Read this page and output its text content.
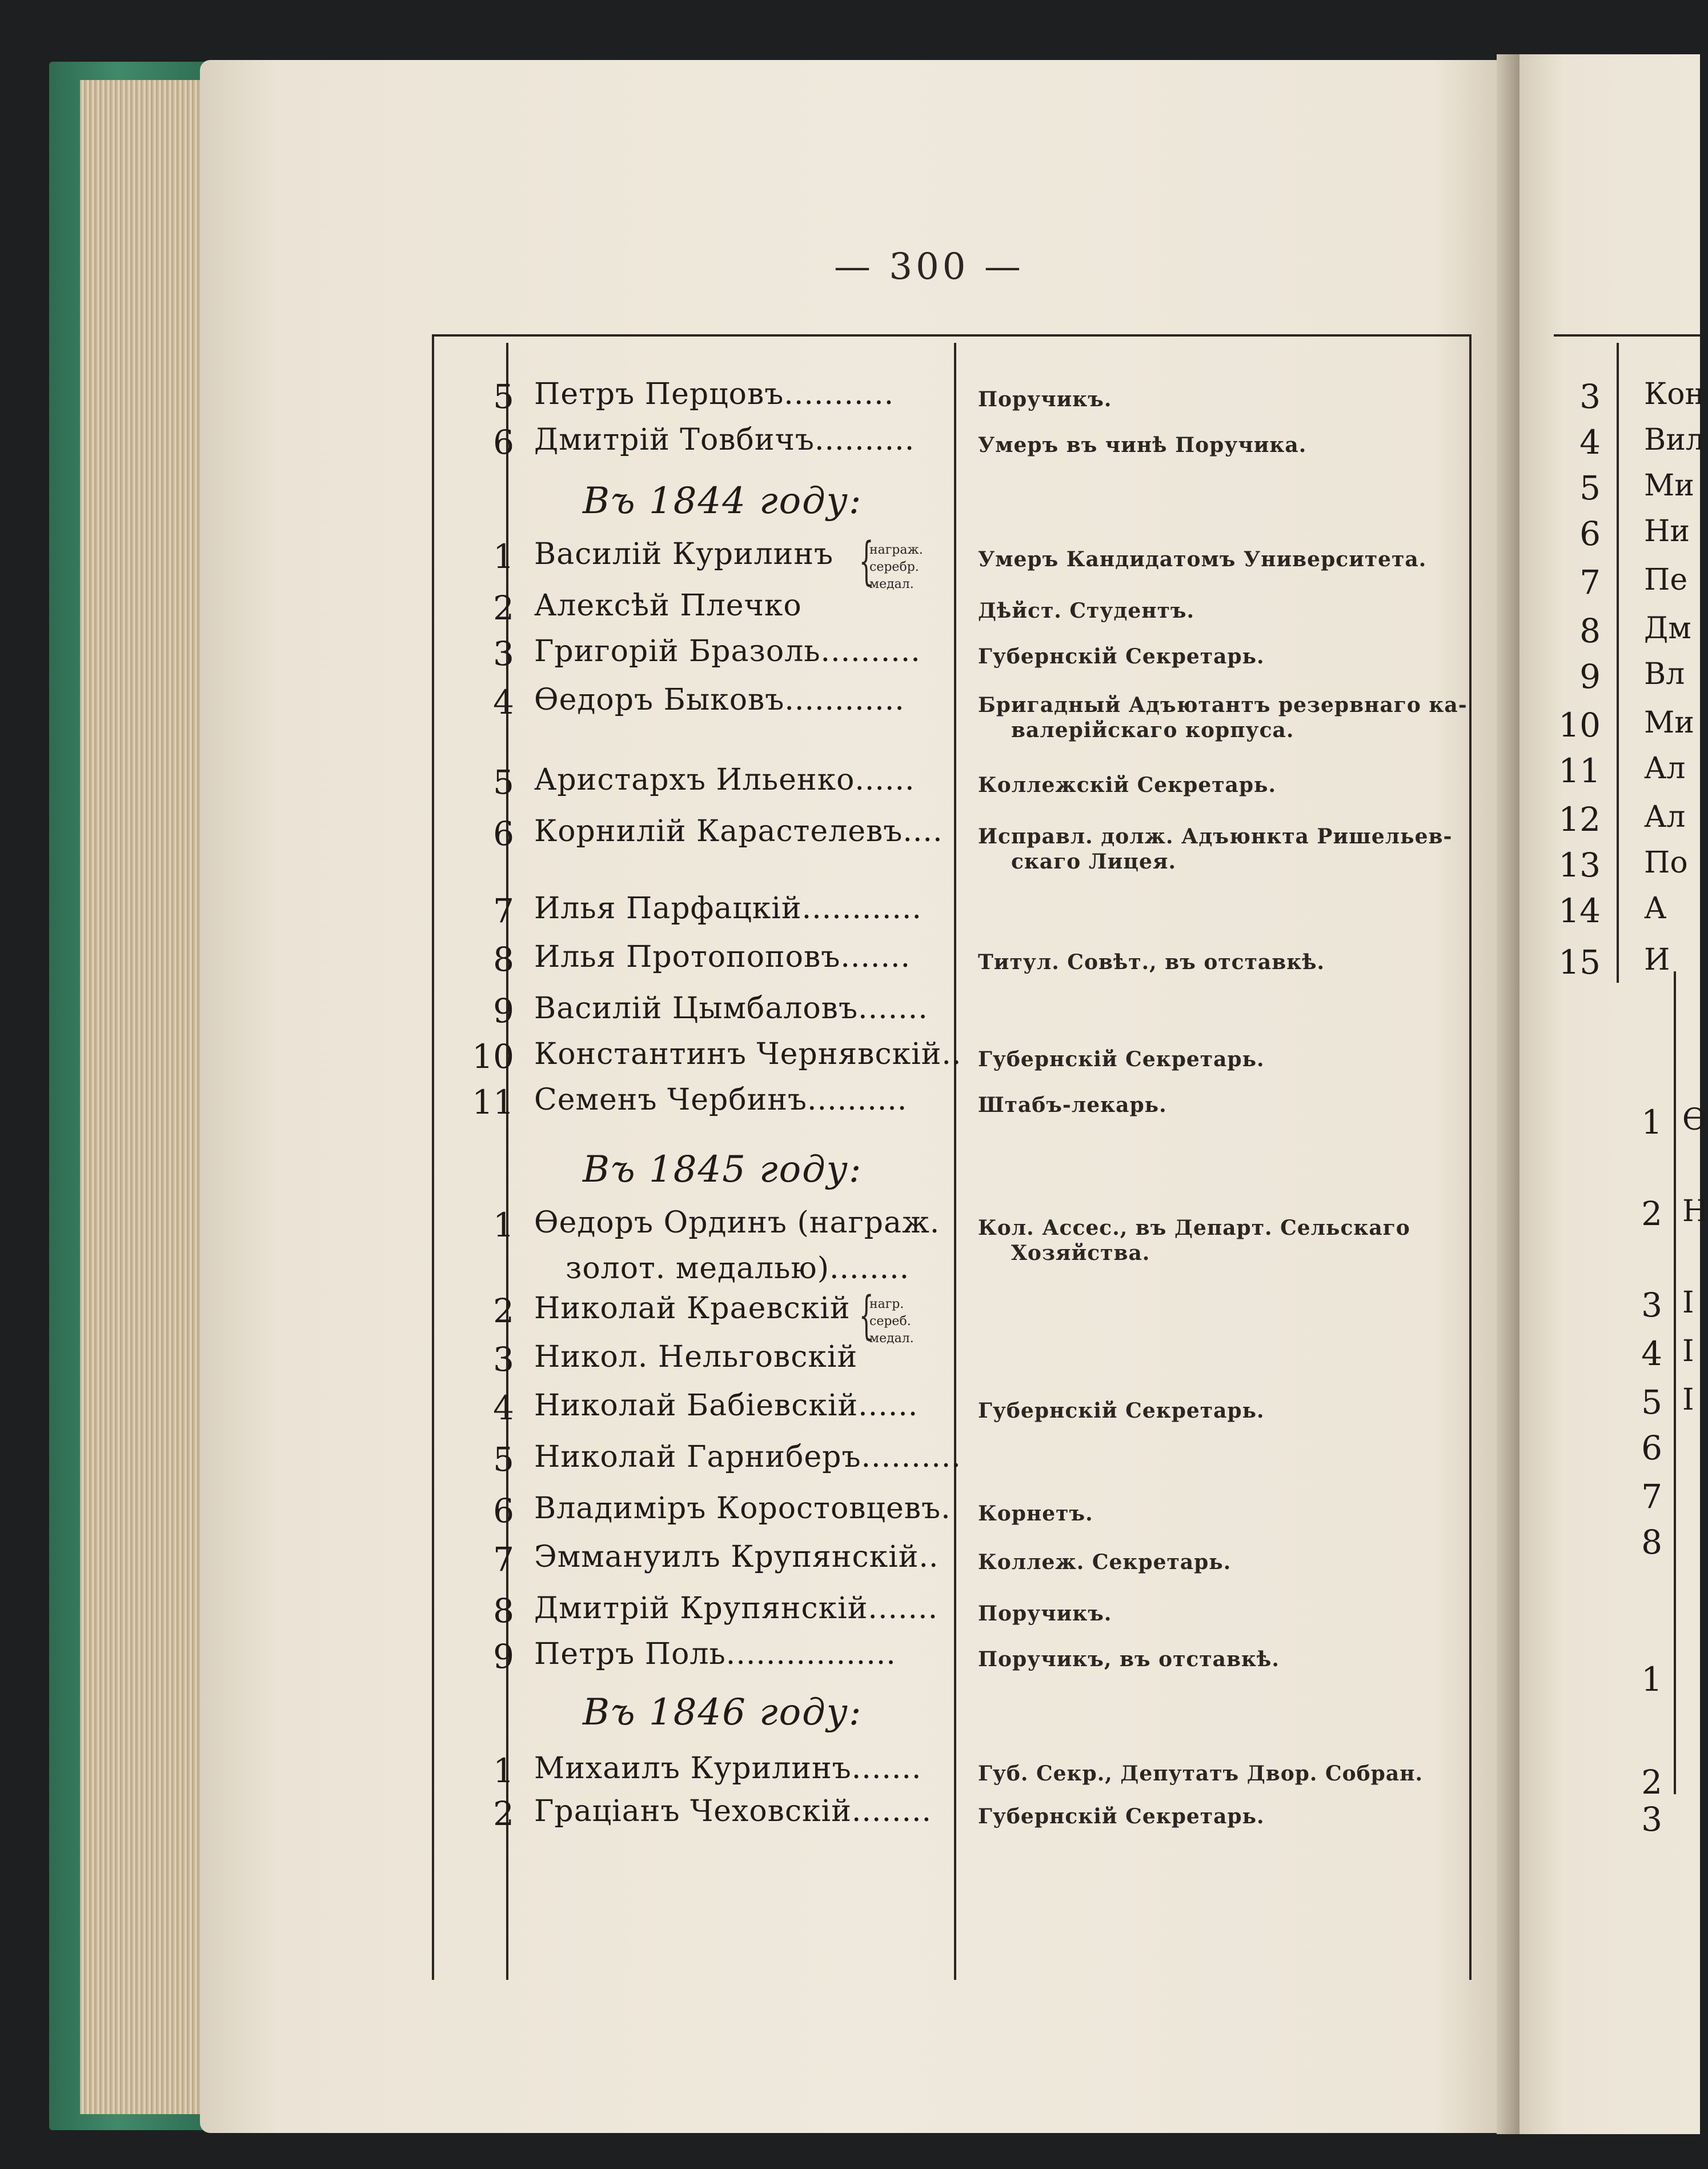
— 300 —
5 Петръ Перцовъ...........	Поручикъ.
6 Дмитрій Товбичъ..........	Умеръ въ чинѣ Поручика.
Въ 1844 году:
1 Василій Курилинъ	Умеръ Кандидатомъ Университета.
2 Алексѣй Плечко	Дѣйст. Студентъ.
3 Григорій Бразоль..........	Губернскій Секретарь.
4 Өедоръ Быковъ............	Бригадный Адъютантъ резервнаго ка-
валерійскаго корпуса.
5 Аристархъ Ильенко......	Коллежскій Секретарь.
6 Корнилій Карастелевъ.... Исправл. долж. Адъюнкта Ришельев-
скаго Лицея.
7 Илья Парфацкій............
8 Илья Протопоповъ.......	Титул. Совѣт., въ отставкѣ.
9 Василій Цымбаловъ.......
10 Константинъ Чернявскій.. Губернскій Секретарь.
11 Семенъ Чербинъ..........	Штабъ-лекарь.
{
награж.
серебр.
медал.
Въ 1845 году:
1 Өедоръ Ординъ (награж.
золот. медалью)........
Кол. Ассес., въ Департ. Сельскаго
Хозяйства.
2 Николай Краевскій
3 Никол. Нельговскій
4 Николай Бабіевскій......	Губернскій Секретарь.
5 Николай Гарниберъ..........
6 Владиміръ Коростовцевъ. Корнетъ.
7 Эммануилъ Крупянскій.. Коллеж. Секретарь.
8 Дмитрій Крупянскій....... Поручикъ.
9 Петръ Поль.................	Поручикъ, въ отставкѣ.
{
нагр.
сереб.
медал.
Въ 1846 году:
1 Михаилъ Курилинъ.......	Губ. Секр., Депутатъ Двор. Собран.
2 Граціанъ Чеховскій........ Губернскій Секретарь.
3 Кон
4 Вил
5 Ми
6 Ни
7 Пе
8 Дм
9 Вл
10 Ми
11 Ал
12 Ал
13 По
14 А
15 И
1 Ө
2 Н
3 І
4 І
5 І
6
7
8
1
2
3
